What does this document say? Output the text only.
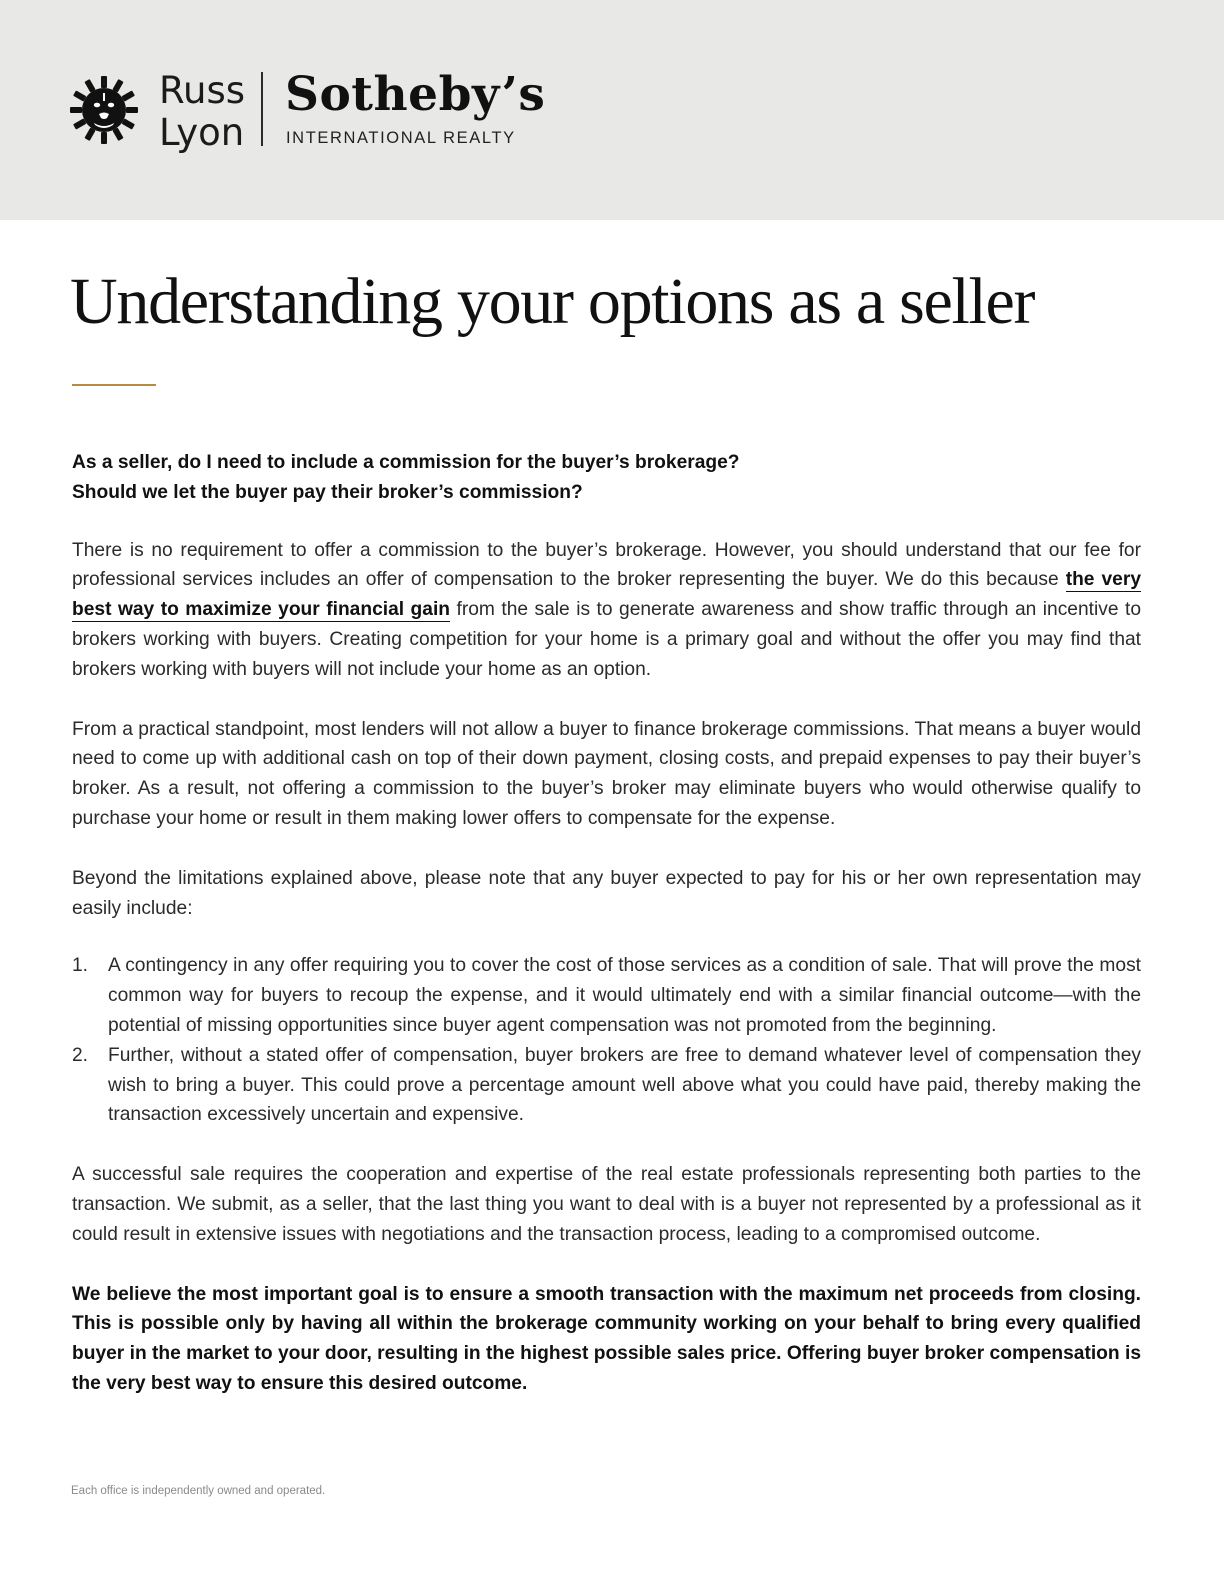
Russ
Lyon
Sotheby’s
INTERNATIONAL REALTY
Understanding your options as a seller

As a seller, do I need to include a commission for the buyer’s brokerage?
Should we let the buyer pay their broker’s commission?

There is no requirement to offer a commission to the buyer’s brokerage. However, you should understand that our fee for professional services includes an offer of compensation to the broker representing the buyer. We do this because the very best way to maximize your financial gain from the sale is to generate awareness and show traffic through an incentive to brokers working with buyers. Creating competition for your home is a primary goal and without the offer you may find that brokers working with buyers will not include your home as an option.

From a practical standpoint, most lenders will not allow a buyer to finance brokerage commissions. That means a buyer would need to come up with additional cash on top of their down payment, closing costs, and prepaid expenses to pay their buyer’s broker. As a result, not offering a commission to the buyer’s broker may eliminate buyers who would otherwise qualify to purchase your home or result in them making lower offers to compensate for the expense.

Beyond the limitations explained above, please note that any buyer expected to pay for his or her own representation may easily include:

1. A contingency in any offer requiring you to cover the cost of those services as a condition of sale. That will prove the most common way for buyers to recoup the expense, and it would ultimately end with a similar financial outcome—with the potential of missing opportunities since buyer agent compensation was not promoted from the beginning.
2. Further, without a stated offer of compensation, buyer brokers are free to demand whatever level of compensation they wish to bring a buyer. This could prove a percentage amount well above what you could have paid, thereby making the transaction excessively uncertain and expensive.

A successful sale requires the cooperation and expertise of the real estate professionals representing both parties to the transaction. We submit, as a seller, that the last thing you want to deal with is a buyer not represented by a professional as it could result in extensive issues with negotiations and the transaction process, leading to a compromised outcome.

We believe the most important goal is to ensure a smooth transaction with the maximum net proceeds from closing. This is possible only by having all within the brokerage community working on your behalf to bring every qualified buyer in the market to your door, resulting in the highest possible sales price. Offering buyer broker compensation is the very best way to ensure this desired outcome.

Each office is independently owned and operated.
